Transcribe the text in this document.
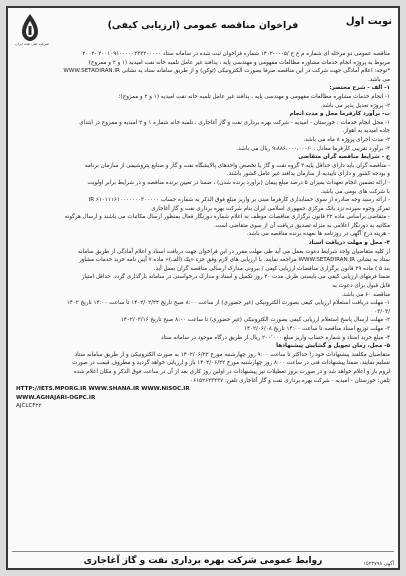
شرکت ملی نفت ایران
نوبت اول
فراخوان مناقصه عمومی (ارزیابی کیفی)

مناقصه عمومی دو مرحله ای شماره م ع ح /۰۰۰۵-۱۴۰۲ شماره فراخوان ثبت شده در سامانه ستاد ۲۰۰۱۰۹۱۰۰۰۰۰۲۳۲۲۰۰۰۰۰ -۲۰۰۲

مربوط به پروژه انجام خدمات مشاوره مطالعات مفهومی و مهندسی پایه ، پدافند غیر عامل تلمبه خانه نفت امیدیه (۱ و ۲ و ممزوج)

*توجه: اعلام آمادگی جهت شرکت در این مناقصه صرفا بصورت الکترونیکی (توکن) و از طریق سامانه ستاد به نشانی WWW.SETADIRAN.IR

می باشد.

۱- الف - شرح مختصر:

۱- انجام خدمات مشاوره مطالعات مفهومی و مهندسی پایه ، پدافند غیر عامل تلمبه خانه نفت امیدیه (۱ و ۲ و ممزوج)؛

۲- پروژه تعدیل پذیر می باشد.

ب- برآورد کارفرما محل و مدت انجام

۱- محل انجام خدمات : خوزستان - امیدیه - شرکت بهره برداری نفت و گاز آغاجاری ، تلمبه خانه شماره ۱ و ۲ امیدیه و ممزوج در ابتدای

جاده امیدیه به اهواز.

۲- مدت اجرای پروژه ۸ ماه می باشد.

۳- برآورد تقریبی کارفرما معادل : -/۹،۸۸۶،۰۰۰،۰۰۰ ریال می باشد.

ج - شرایط مناقصه گران متقاضی

- مناقصه گران باید دارای حداقل پایه ۳ گروه نفت و گاز یا تخصص واحدهای پالایشگاه نفت و گاز و صنایع پتروشیمی از سازمان برنامه

و بودجه کشور و دارای تاییدیه از سازمان پدافند غیر عامل کشور باشند.

- ارائه تضمین انجام تعهدات بمیزان ۵ درصد مبلغ پیمان (براورد برنده شدن) ، ضمنا در تعیین برنده مناقصه و در شرایط برابر اولویت

با شرکت های بومی می باشد.

- ارائه رسید وجه صادره از سوی حسابداری کارفرما مبنی بر واریز مبلغ فوق الذکر به شماره حساب ۶۱۰۱۱۱۶۱۰۰۰۰۰۰۰۳۰۰۰۰۰ IR

تمرکز وجوه سپرده نزد بانک مرکزی جمهوری اسلامی ایران بنام شرکت بهره برداری نفت و گاز آغاجاری

- متقاضی براساس ماده ۲۲ قانون برگزاری مناقصات موظف به اعلام شماره دورنگار فعال بمنظور ارسال مکاتبات می باشند و ارسال هرگونه

مکاتبه به دورنگار اعلامی به منزله تصدیق دریافت آن از سوی متقاضی است.

- هزینه درج آگهی در روزنامه ها بعهده برنده مناقصه می باشد.

۳- محل و مهلت دریافت اسناد

از کلیه متقاضیان واجد شرایط دعوت بعمل می آید طی مهلت مقرر در این فراخوان جهت دریافت اسناد و اعلام آمادگی از طریق سامانه

ستاد به نشانی WWW.SETADIRAN.IR مراجعه نمایند. با ارزیابی های لازم وفق جزء «یک (الف)» ماده ۷ آیین نامه خرید خدمات مشاور

بند ۵ ) ماده ۲۹ قانون برگزاری مناقصات ارزیابی کیفی / بیرونی مدارک ارسالی مناقصه گران بعمل آید.

ضمنا فرمهای ارزیابی کیفی می بایستی ظرف مدت ۲۰ روز تکمیل و اسناد و مدارک درخواستی در سامانه بارگذاری گردد. حداقل امتیاز

قابل قبول برای دعوت به

مناقصه ۶۰ می باشد.

۱- مهلت دریافت استعلام ارزیابی کیفی بصورت الکترونیکی (غیر حضوری) از ساعت ۸:۰۰ صبح تاریخ ۱۴۰۲/۰۲/۲۴ تا ساعت ۱۴:۰۰ تاریخ ۱۴۰۲

/۰۳/۰۳

۲- مهلت ارسال پاسخ استعلام ارزیابی کیفی بصورت الکترونیکی (غیر حضوری) تا ساعت ۸:۰۰ صبح تاریخ ۱۴۰۲/۰۳/۱۶

۳- مهلت توزیع اسناد مناقصه تا ساعت ۱۴:۰۰ تاریخ ۱۴۰۲/۰۶/۰۸

۴- مبلغ خرید اسناد و شماره حساب واریز مبلغ ۲۰۰٬۰۰۰ ریال از طریق درگاه موجود در سامانه ستاد

۵- محل، زمان تحویل و گشایش پیشنهادها

متقاضیان مکلفند پیشنهادات خود را حداکثر تا ساعت ۹:۰۰ روز چهارشنبه مورخ ۱۴۰۲/۰۶/۲۲ به صورت الکترونیکی و از طریق سامانه ستاد

تسلیم نمایند، ضمنا پیشنهادات فنی در ساعت ۸:۰۰ روز چهارشنبه مورخ ۱۴۰۲/۰۶/۲۲ باز و ارزیابی خواهد گردید و مظروف قیمت در صورت

لزوم باز و اعلام خواهد شد و در صورت بروز تعطیلات نیز پیشنهادات در اولین روز کاری بعد از آن در ساعت فوق الذکر و مکان اعلام شده

تلفن: خوزستان - امیدیه - شرکت بهره برداری نفت و گاز آغاجاری تلفن: ۰۶۱۵۲۶۲۳۴۳۷

HTTP://IETS.MPORG.IR WWW.SHANA.IR WWW.NISOC.IR

WWW.AGHAJARI-OGPC.IR

AJCLCF۲۲

روابط عمومی شرکت بهره برداری نفت و گاز آغاجاری	آگهی ۱۵۲۳۷۹۸
